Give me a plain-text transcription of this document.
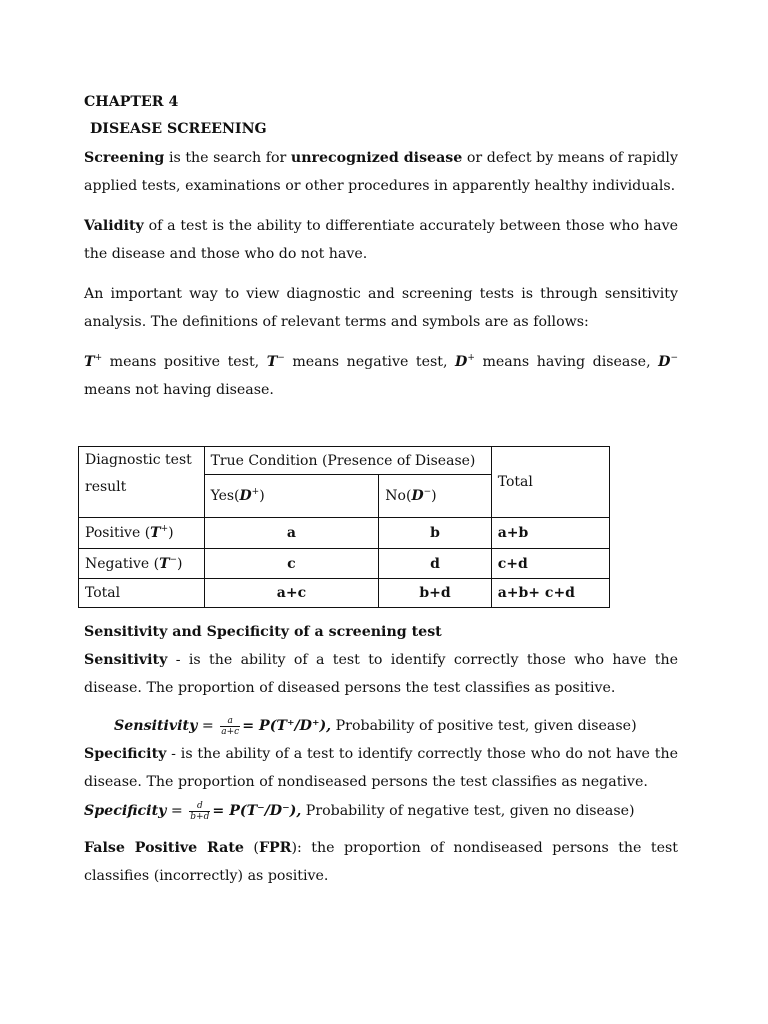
CHAPTER 4

DISEASE SCREENING

Screening is the search for unrecognized disease or defect by means of rapidly applied tests, examinations or other procedures in apparently healthy individuals.

Validity of a test is the ability to differentiate accurately between those who have the disease and those who do not have.

An important way to view diagnostic and screening tests is through sensitivity analysis. The definitions of relevant terms and symbols are as follows:

T+ means positive test, T− means negative test, D+ means having disease, D− means not having disease.

Diagnostic test result	True Condition (Presence of Disease)		Total
	Yes(D+)	No(D−)	
Positive (T+)	a	b	a+b
Negative (T−)	c	d	c+d
Total	a+c	b+d	a+b+ c+d

Sensitivity and Specificity of a screening test

Sensitivity - is the ability of a test to identify correctly those who have the disease. The proportion of diseased persons the test classifies as positive.

Sensitivity = $\frac{a}{a+c} = P(T^+/D^+)$, Probability of positive test, given disease)

Specificity - is the ability of a test to identify correctly those who do not have the disease. The proportion of nondiseased persons the test classifies as negative.

Specificity = $\frac{d}{b+d} = P(T^-/D^-)$, Probability of negative test, given no disease)

False Positive Rate (FPR): the proportion of nondiseased persons the test classifies (incorrectly) as positive.
